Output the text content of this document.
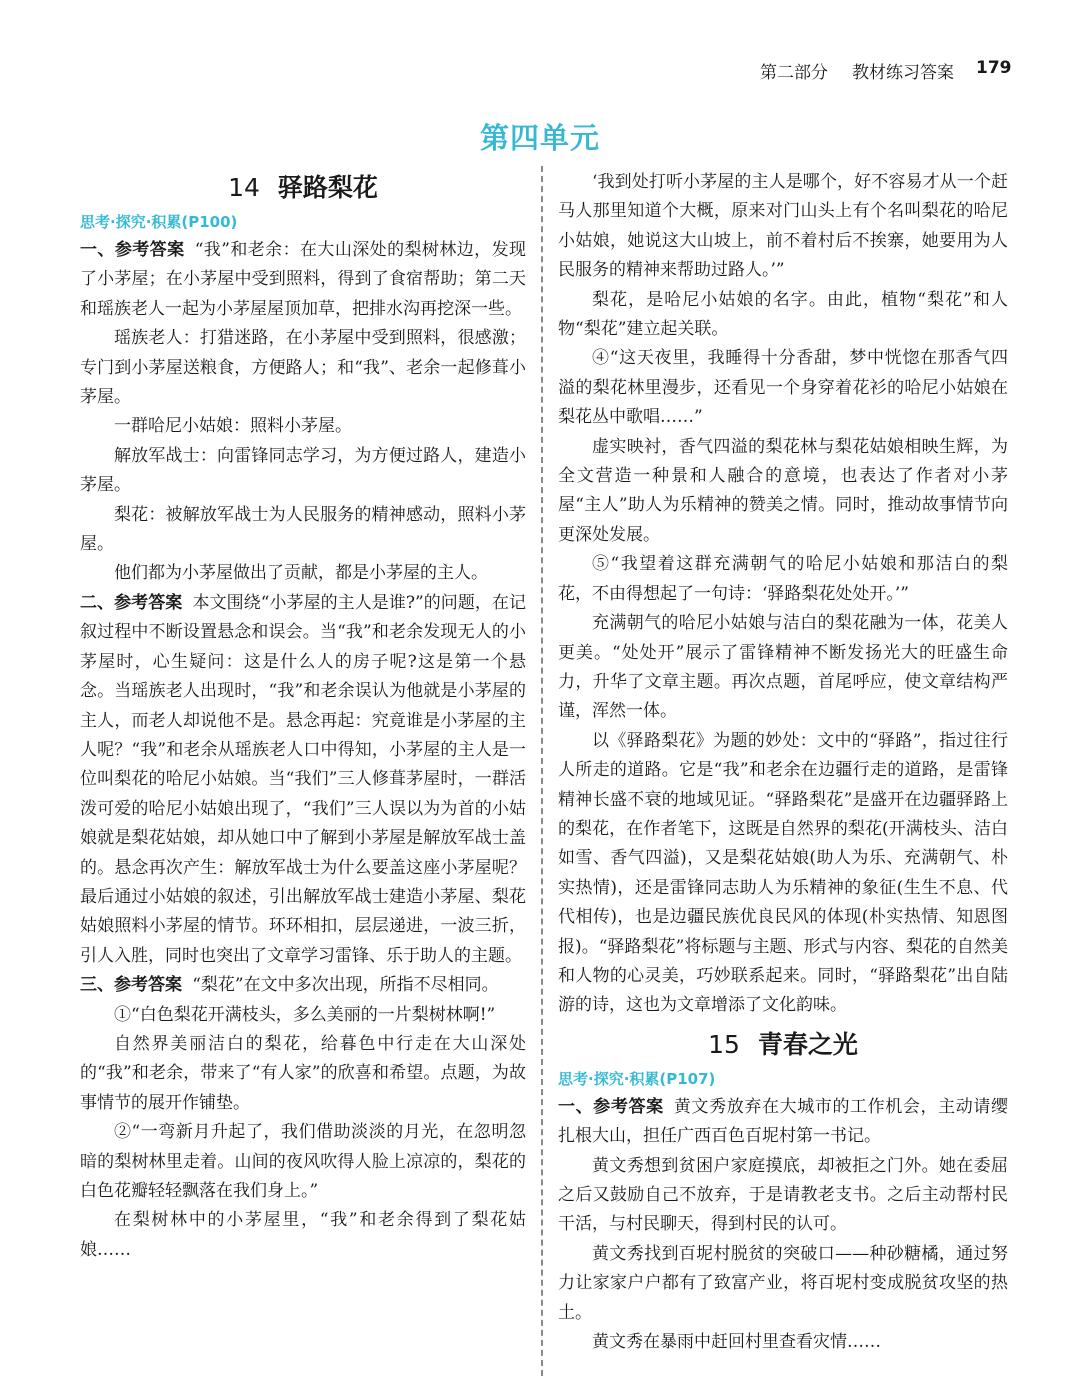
第二部分 教材练习答案 179
第四单元
14 驿路梨花
思考·探究·积累(P100)

一、参考答案 “我”和老余：在大山深处的梨树林边，发现了小茅屋；在小茅屋中受到照料，得到了食宿帮助；第二天和瑶族老人一起为小茅屋屋顶加草，把排水沟再挖深一些。

瑶族老人：打猎迷路，在小茅屋中受到照料，很感激；专门到小茅屋送粮食，方便路人；和“我”、老余一起修葺小茅屋。

一群哈尼小姑娘：照料小茅屋。

解放军战士：向雷锋同志学习，为方便过路人，建造小茅屋。

梨花：被解放军战士为人民服务的精神感动，照料小茅屋。

他们都为小茅屋做出了贡献，都是小茅屋的主人。

二、参考答案 本文围绕“小茅屋的主人是谁?”的问题，在记叙过程中不断设置悬念和误会。当“我”和老余发现无人的小茅屋时，心生疑问：这是什么人的房子呢?这是第一个悬念。当瑶族老人出现时，“我”和老余误认为他就是小茅屋的主人，而老人却说他不是。悬念再起：究竟谁是小茅屋的主人呢？“我”和老余从瑶族老人口中得知，小茅屋的主人是一位叫梨花的哈尼小姑娘。当“我们”三人修葺茅屋时，一群活泼可爱的哈尼小姑娘出现了，“我们”三人误以为为首的小姑娘就是梨花姑娘，却从她口中了解到小茅屋是解放军战士盖的。悬念再次产生：解放军战士为什么要盖这座小茅屋呢？最后通过小姑娘的叙述，引出解放军战士建造小茅屋、梨花姑娘照料小茅屋的情节。环环相扣，层层递进，一波三折，引人入胜，同时也突出了文章学习雷锋、乐于助人的主题。

三、参考答案 “梨花”在文中多次出现，所指不尽相同。

①“白色梨花开满枝头，多么美丽的一片梨树林啊!”

自然界美丽洁白的梨花，给暮色中行走在大山深处的“我”和老余，带来了“有人家”的欣喜和希望。点题，为故事情节的展开作铺垫。

②“一弯新月升起了，我们借助淡淡的月光，在忽明忽暗的梨树林里走着。山间的夜风吹得人脸上凉凉的，梨花的白色花瓣轻轻飘落在我们身上。”

在梨树林中的小茅屋里，“我”和老余得到了梨花姑娘……

‘我到处打听小茅屋的主人是哪个，好不容易才从一个赶马人那里知道个大概，原来对门山头上有个名叫梨花的哈尼小姑娘，她说这大山坡上，前不着村后不挨寨，她要用为人民服务的精神来帮助过路人。’”

梨花，是哈尼小姑娘的名字。由此，植物“梨花”和人物“梨花”建立起关联。

④“这天夜里，我睡得十分香甜，梦中恍惚在那香气四溢的梨花林里漫步，还看见一个身穿着花衫的哈尼小姑娘在梨花丛中歌唱……”

虚实映衬，香气四溢的梨花林与梨花姑娘相映生辉，为全文营造一种景和人融合的意境，也表达了作者对小茅屋“主人”助人为乐精神的赞美之情。同时，推动故事情节向更深处发展。

⑤“我望着这群充满朝气的哈尼小姑娘和那洁白的梨花，不由得想起了一句诗：‘驿路梨花处处开。’”

充满朝气的哈尼小姑娘与洁白的梨花融为一体，花美人更美。“处处开”展示了雷锋精神不断发扬光大的旺盛生命力，升华了文章主题。再次点题，首尾呼应，使文章结构严谨，浑然一体。

以《驿路梨花》为题的妙处：文中的“驿路”，指过往行人所走的道路。它是“我”和老余在边疆行走的道路，是雷锋精神长盛不衰的地域见证。“驿路梨花”是盛开在边疆驿路上的梨花，在作者笔下，这既是自然界的梨花(开满枝头、洁白如雪、香气四溢)，又是梨花姑娘(助人为乐、充满朝气、朴实热情)，还是雷锋同志助人为乐精神的象征(生生不息、代代相传)，也是边疆民族优良民风的体现(朴实热情、知恩图报)。“驿路梨花”将标题与主题、形式与内容、梨花的自然美和人物的心灵美，巧妙联系起来。同时，“驿路梨花”出自陆游的诗，这也为文章增添了文化韵味。

15 青春之光
思考·探究·积累(P107)

一、参考答案 黄文秀放弃在大城市的工作机会，主动请缨扎根大山，担任广西百色百坭村第一书记。

黄文秀想到贫困户家庭摸底，却被拒之门外。她在委屈之后又鼓励自己不放弃，于是请教老支书。之后主动帮村民干活，与村民聊天，得到村民的认可。

黄文秀找到百坭村脱贫的突破口——种砂糖橘，通过努力让家家户户都有了致富产业，将百坭村变成脱贫攻坚的热土。

黄文秀在暴雨中赶回村里查看灾情……
